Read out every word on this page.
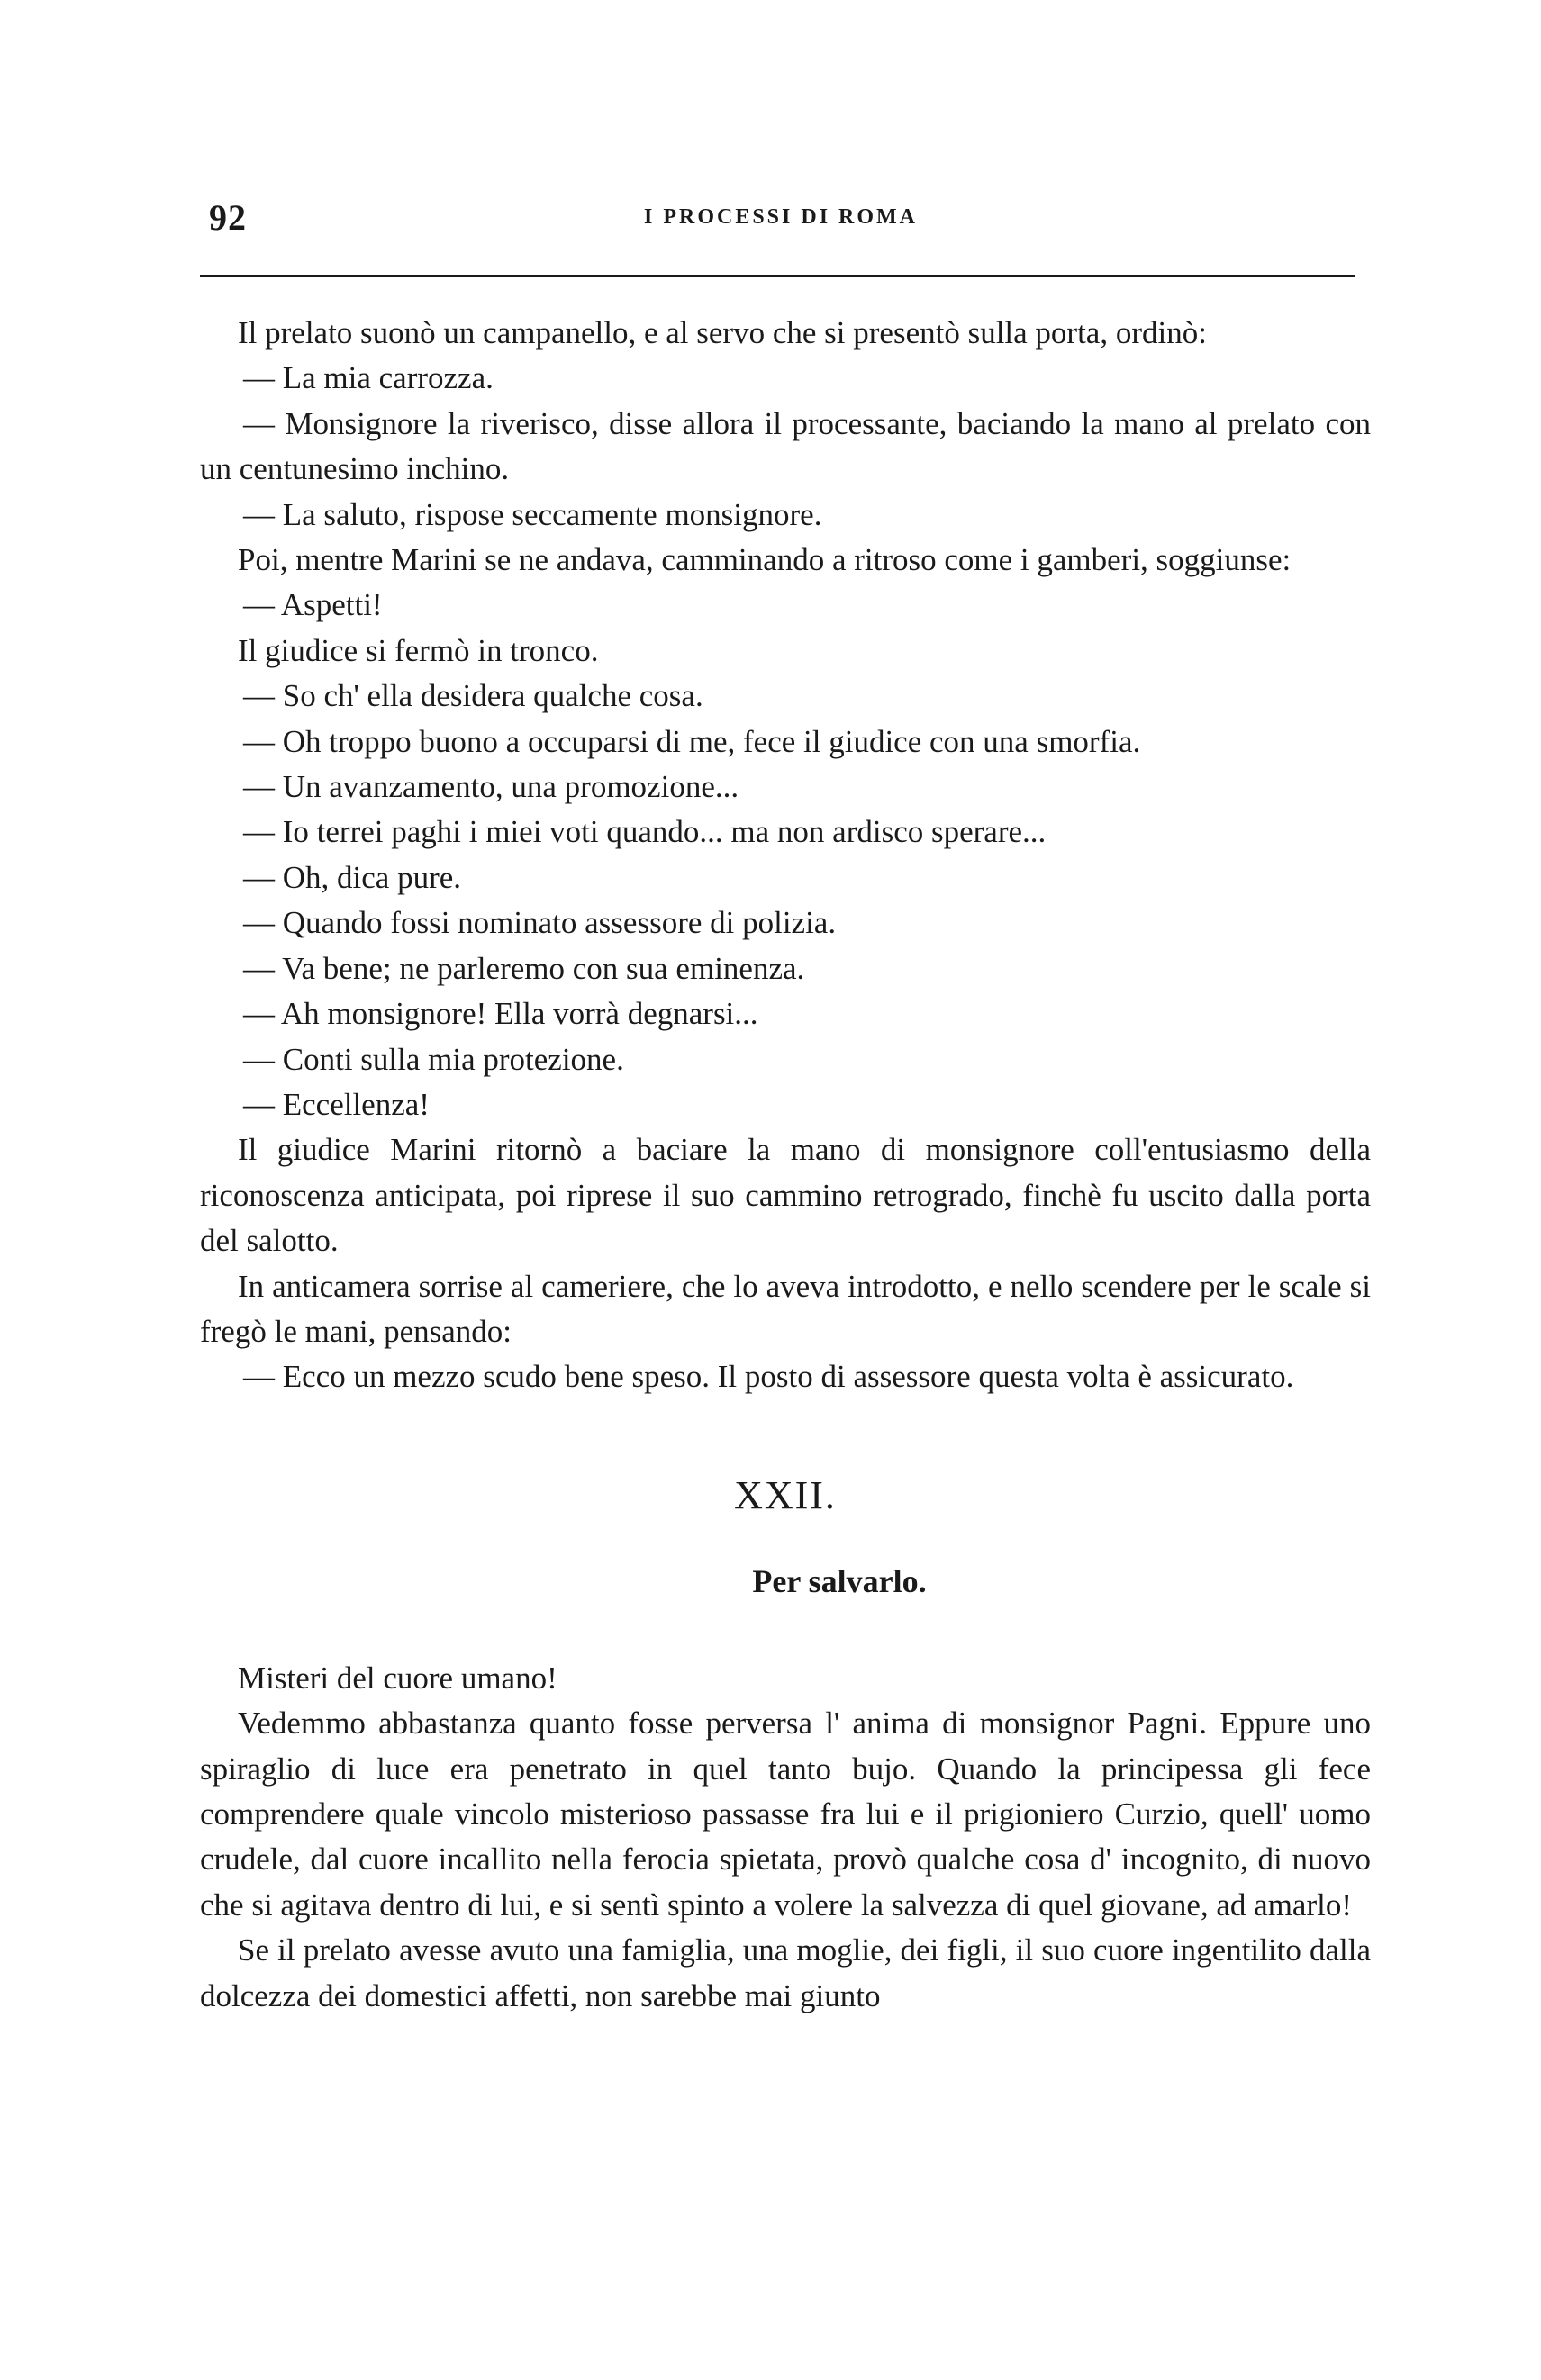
92	I PROCESSI DI ROMA

Il prelato suonò un campanello, e al servo che si presentò sulla porta, ordinò:

— La mia carrozza.

— Monsignore la riverisco, disse allora il processante, baciando la mano al prelato con un centunesimo inchino.

— La saluto, rispose seccamente monsignore.

Poi, mentre Marini se ne andava, camminando a ritroso come i gamberi, soggiunse:

— Aspetti!

Il giudice si fermò in tronco.

— So ch' ella desidera qualche cosa.

— Oh troppo buono a occuparsi di me, fece il giudice con una smorfia.

— Un avanzamento, una promozione...

— Io terrei paghi i miei voti quando... ma non ardisco sperare...

— Oh, dica pure.

— Quando fossi nominato assessore di polizia.

— Va bene; ne parleremo con sua eminenza.

— Ah monsignore! Ella vorrà degnarsi...

— Conti sulla mia protezione.

— Eccellenza!

Il giudice Marini ritornò a baciare la mano di monsignore coll'entusiasmo della riconoscenza anticipata, poi riprese il suo cammino retrogrado, finchè fu uscito dalla porta del salotto.

In anticamera sorrise al cameriere, che lo aveva introdotto, e nello scendere per le scale si fregò le mani, pensando:

— Ecco un mezzo scudo bene speso. Il posto di assessore questa volta è assicurato.

XXII.
Per salvarlo.

Misteri del cuore umano!

Vedemmo abbastanza quanto fosse perversa l' anima di monsignor Pagni. Eppure uno spiraglio di luce era penetrato in quel tanto bujo. Quando la principessa gli fece comprendere quale vincolo misterioso passasse fra lui e il prigioniero Curzio, quell' uomo crudele, dal cuore incallito nella ferocia spietata, provò qualche cosa d' incognito, di nuovo che si agitava dentro di lui, e si sentì spinto a volere la salvezza di quel giovane, ad amarlo!

Se il prelato avesse avuto una famiglia, una moglie, dei figli, il suo cuore ingentilito dalla dolcezza dei domestici affetti, non sarebbe mai giunto
